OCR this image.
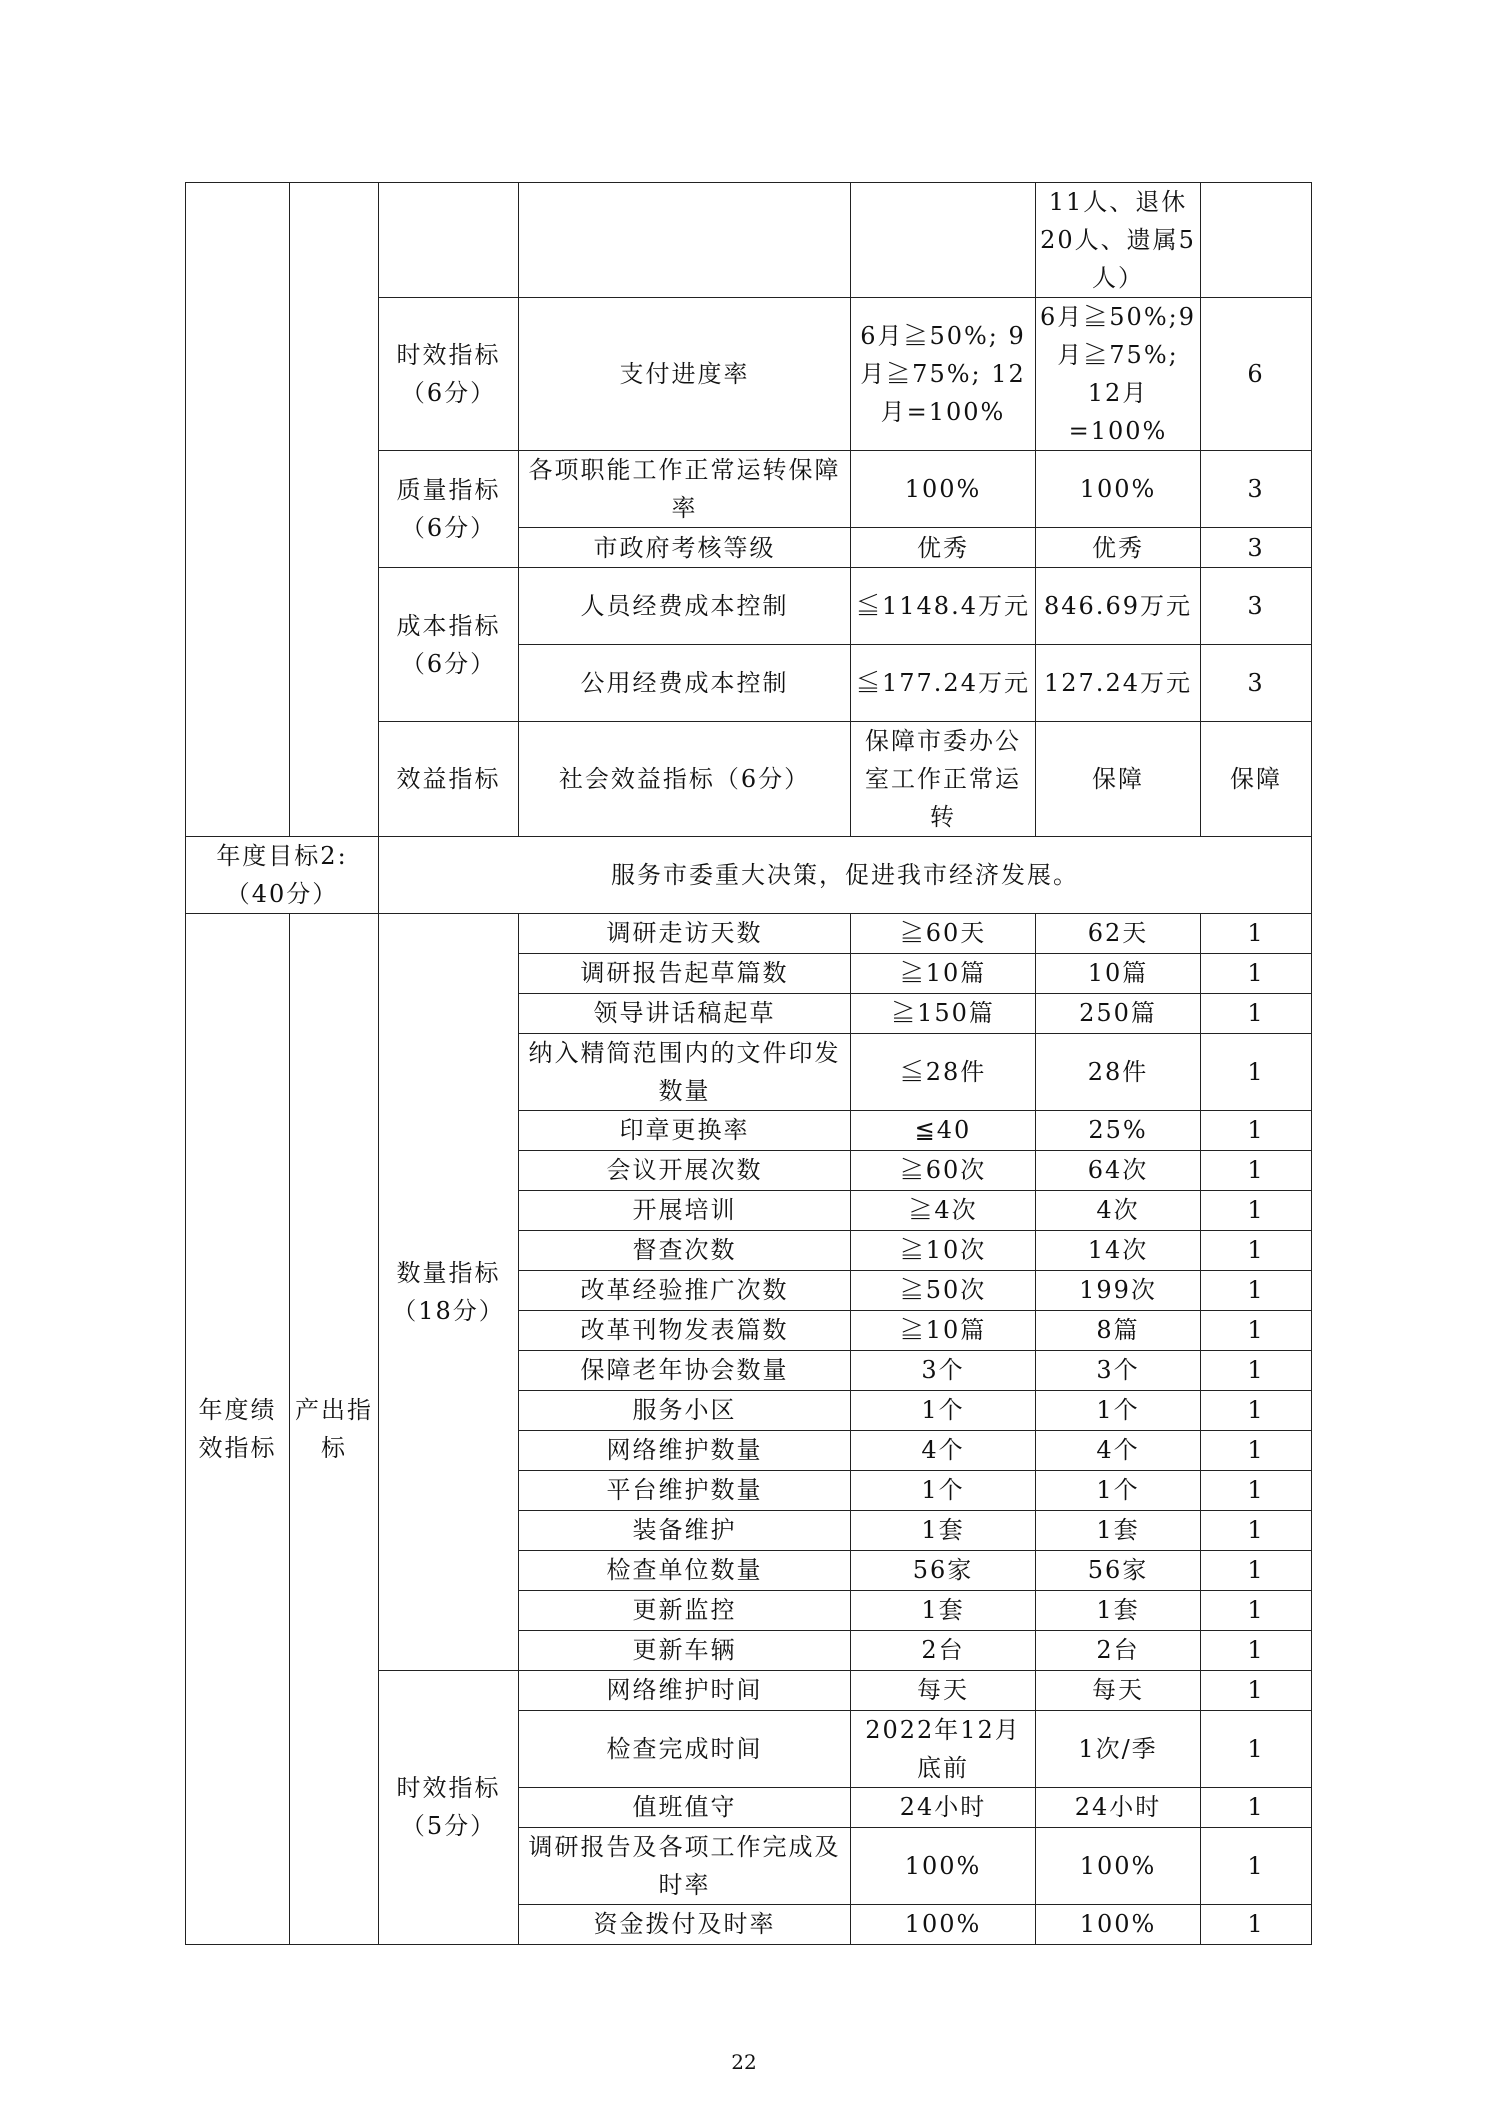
					11人、退休20人、遗属5人）		
		时效指标（6分）	支付进度率	6月≧50%; 9月≧75%; 12月=100%	6月≧50%;9月≧75%; 12月=100%	6	
		质量指标（6分）	各项职能工作正常运转保障率	100%	100%	3	
			市政府考核等级	优秀	优秀	3	
		成本指标（6分）	人员经费成本控制	≦1148.4万元	846.69万元	3	
			公用经费成本控制	≦177.24万元	127.24万元	3	
		效益指标	社会效益指标（6分）	保障市委办公室工作正常运转	保障	保障	
年度目标2:（40分）		服务市委重大决策，促进我市经济发展。				
年度绩效指标	产出指标	数量指标（18分）	调研走访天数	≧60天	62天	1
			调研报告起草篇数	≧10篇	10篇	1
			领导讲话稿起草	≧150篇	250篇	1
			纳入精简范围内的文件印发数量	≦28件	28件	1
			印章更换率	≦40	25%	1
			会议开展次数	≧60次	64次	1
			开展培训	≧4次	4次	1
			督查次数	≧10次	14次	1
			改革经验推广次数	≧50次	199次	1
			改革刊物发表篇数	≧10篇	8篇	1
			保障老年协会数量	3个	3个	1
			服务小区	1个	1个	1
			网络维护数量	4个	4个	1
			平台维护数量	1个	1个	1
			装备维护	1套	1套	1
			检查单位数量	56家	56家	1
			更新监控	1套	1套	1
			更新车辆	2台	2台	1
		时效指标（5分）	网络维护时间	每天	每天	1
			检查完成时间	2022年12月底前	1次/季	1
			值班值守	24小时	24小时	1
			调研报告及各项工作完成及时率	100%	100%	1
			资金拨付及时率	100%	100%	1
22
